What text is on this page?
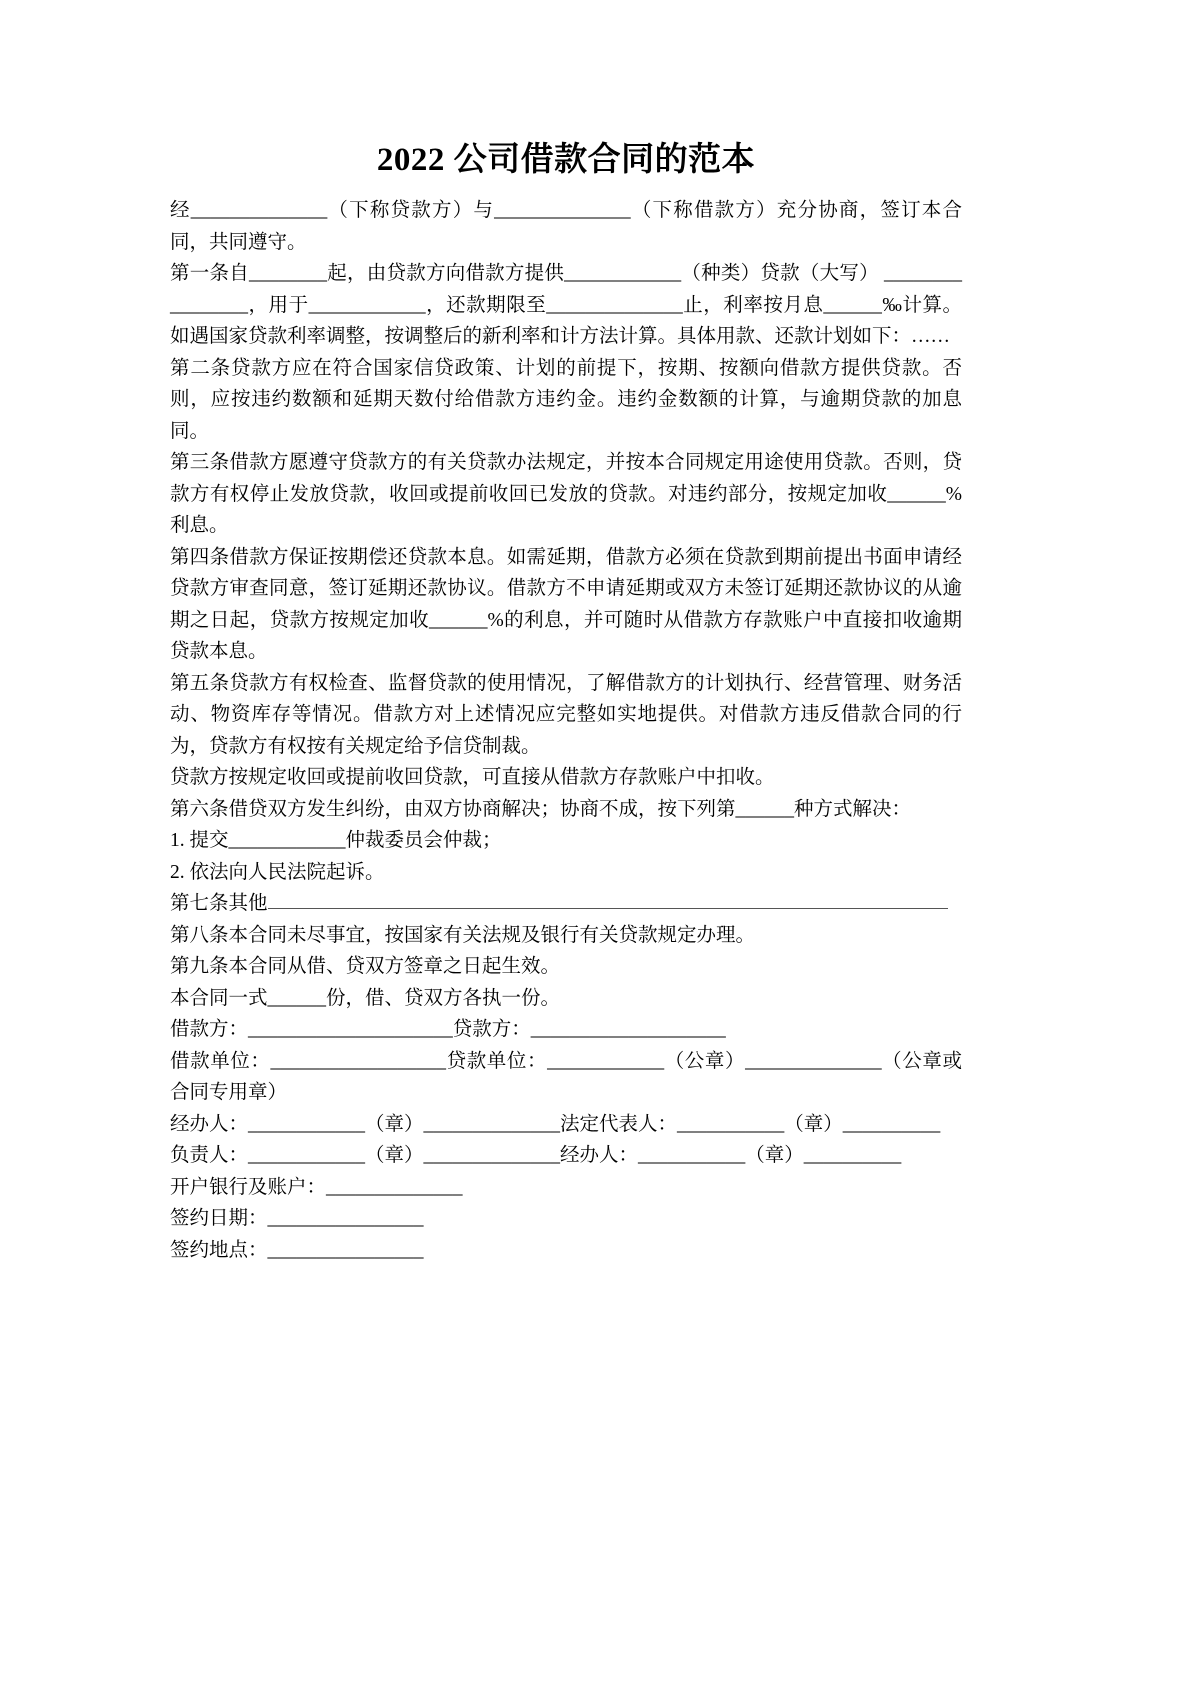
2022 公司借款合同的范本

经______________（下称贷款方）与______________（下称借款方）充分协商，签订本合同，共同遵守。

第一条自________起，由贷款方向借款方提供____________（种类）贷款（大写） ________________，用于____________，还款期限至______________止，利率按月息______‰计算。如遇国家贷款利率调整，按调整后的新利率和计方法计算。具体用款、还款计划如下：……

第二条贷款方应在符合国家信贷政策、计划的前提下，按期、按额向借款方提供贷款。否则，应按违约数额和延期天数付给借款方违约金。违约金数额的计算，与逾期贷款的加息同。

第三条借款方愿遵守贷款方的有关贷款办法规定，并按本合同规定用途使用贷款。否则，贷款方有权停止发放贷款，收回或提前收回已发放的贷款。对违约部分，按规定加收______%利息。

第四条借款方保证按期偿还贷款本息。如需延期，借款方必须在贷款到期前提出书面申请经贷款方审查同意，签订延期还款协议。借款方不申请延期或双方未签订延期还款协议的从逾期之日起，贷款方按规定加收______%的利息，并可随时从借款方存款账户中直接扣收逾期贷款本息。

第五条贷款方有权检查、监督贷款的使用情况，了解借款方的计划执行、经营管理、财务活动、物资库存等情况。借款方对上述情况应完整如实地提供。对借款方违反借款合同的行为，贷款方有权按有关规定给予信贷制裁。

贷款方按规定收回或提前收回贷款，可直接从借款方存款账户中扣收。

第六条借贷双方发生纠纷，由双方协商解决；协商不成，按下列第______种方式解决：

1. 提交____________仲裁委员会仲裁；

2. 依法向人民法院起诉。

第七条其他

第八条本合同未尽事宜，按国家有关法规及银行有关贷款规定办理。

第九条本合同从借、贷双方签章之日起生效。

本合同一式______份，借、贷双方各执一份。

借款方：_____________________贷款方：____________________

借款单位：__________________贷款单位：____________（公章）______________（公章或合同专用章）

经办人：____________（章）______________法定代表人：___________（章）__________

负责人：____________（章）______________经办人：___________（章）__________

开户银行及账户：______________

签约日期：________________

签约地点：________________
